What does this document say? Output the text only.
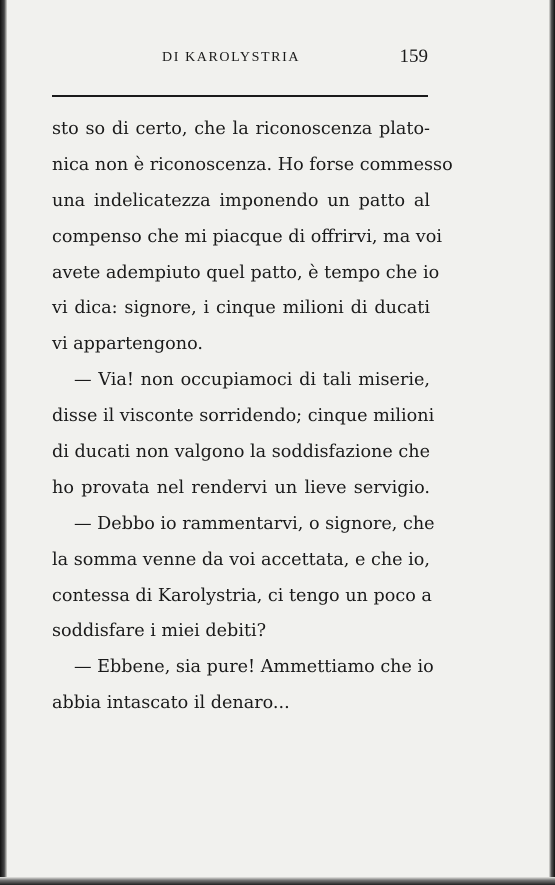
DI KAROLYSTRIA	159
sto so di certo, che la riconoscenza plato-
nica non è riconoscenza. Ho forse commesso
una indelicatezza imponendo un patto al
compenso che mi piacque di offrirvi, ma voi
avete adempiuto quel patto, è tempo che io
vi dica: signore, i cinque milioni di ducati
vi appartengono.
— Via! non occupiamoci di tali miserie,
disse il visconte sorridendo; cinque milioni
di ducati non valgono la soddisfazione che
ho provata nel rendervi un lieve servigio.
— Debbo io rammentarvi, o signore, che
la somma venne da voi accettata, e che io,
contessa di Karolystria, ci tengo un poco a
soddisfare i miei debiti?
— Ebbene, sia pure! Ammettiamo che io
abbia intascato il denaro...
